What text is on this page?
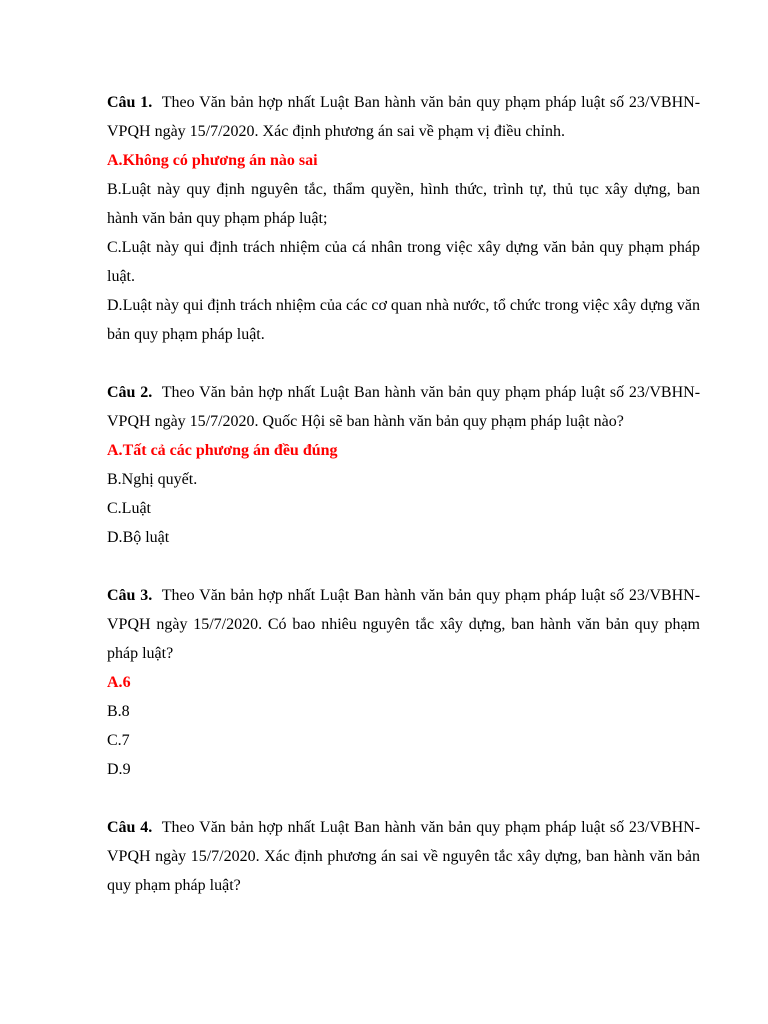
Câu 1. Theo Văn bản hợp nhất Luật Ban hành văn bản quy phạm pháp luật số 23/VBHN-VPQH ngày 15/7/2020. Xác định phương án sai về phạm vị điều chỉnh.

A.Không có phương án nào sai

B.Luật này quy định nguyên tắc, thẩm quyền, hình thức, trình tự, thủ tục xây dựng, ban hành văn bản quy phạm pháp luật;

C.Luật này qui định trách nhiệm của cá nhân trong việc xây dựng văn bản quy phạm pháp luật.

D.Luật này qui định trách nhiệm của các cơ quan nhà nước, tổ chức trong việc xây dựng văn bản quy phạm pháp luật.

Câu 2. Theo Văn bản hợp nhất Luật Ban hành văn bản quy phạm pháp luật số 23/VBHN-VPQH ngày 15/7/2020. Quốc Hội sẽ ban hành văn bản quy phạm pháp luật nào?

A.Tất cả các phương án đều đúng

B.Nghị quyết.

C.Luật

D.Bộ luật

Câu 3. Theo Văn bản hợp nhất Luật Ban hành văn bản quy phạm pháp luật số 23/VBHN-VPQH ngày 15/7/2020. Có bao nhiêu nguyên tắc xây dựng, ban hành văn bản quy phạm pháp luật?

A.6

B.8

C.7

D.9

Câu 4. Theo Văn bản hợp nhất Luật Ban hành văn bản quy phạm pháp luật số 23/VBHN-VPQH ngày 15/7/2020. Xác định phương án sai về nguyên tắc xây dựng, ban hành văn bản quy phạm pháp luật?
